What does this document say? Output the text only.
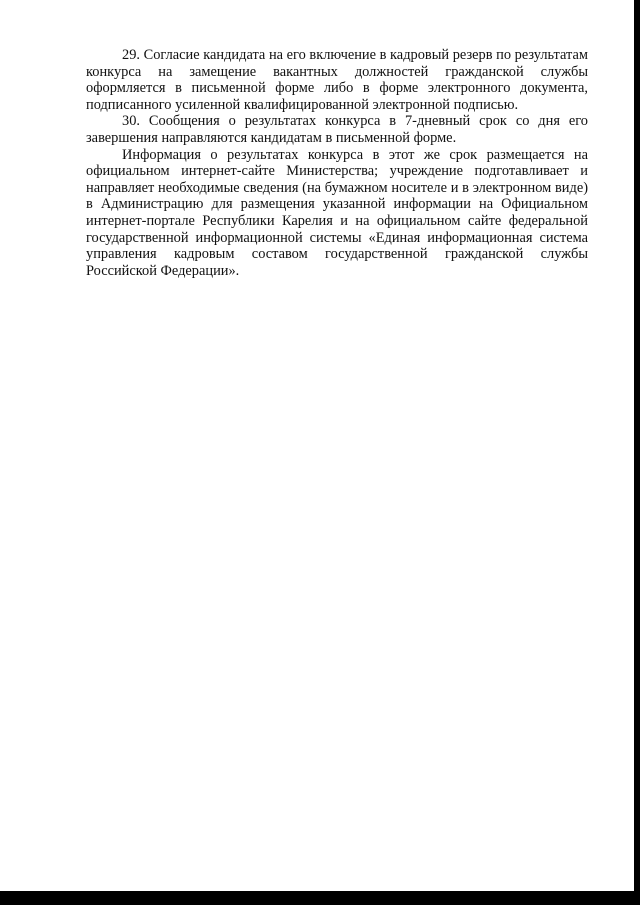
29. Согласие кандидата на его включение в кадровый резерв по результатам конкурса на замещение вакантных должностей гражданской службы оформляется в письменной форме либо в форме электронного документа, подписанного усиленной квалифицированной электронной подписью.

30. Сообщения о результатах конкурса в 7-дневный срок со дня его завершения направляются кандидатам в письменной форме.

Информация о результатах конкурса в этот же срок размещается на официальном интернет-сайте Министерства; учреждение подготавливает и направляет необходимые сведения (на бумажном носителе и в электронном виде) в Администрацию для размещения указанной информации на Официальном интернет-портале Республики Карелия и на официальном сайте федеральной государственной информационной системы «Единая информационная система управления кадровым составом государственной гражданской службы Российской Федерации».
